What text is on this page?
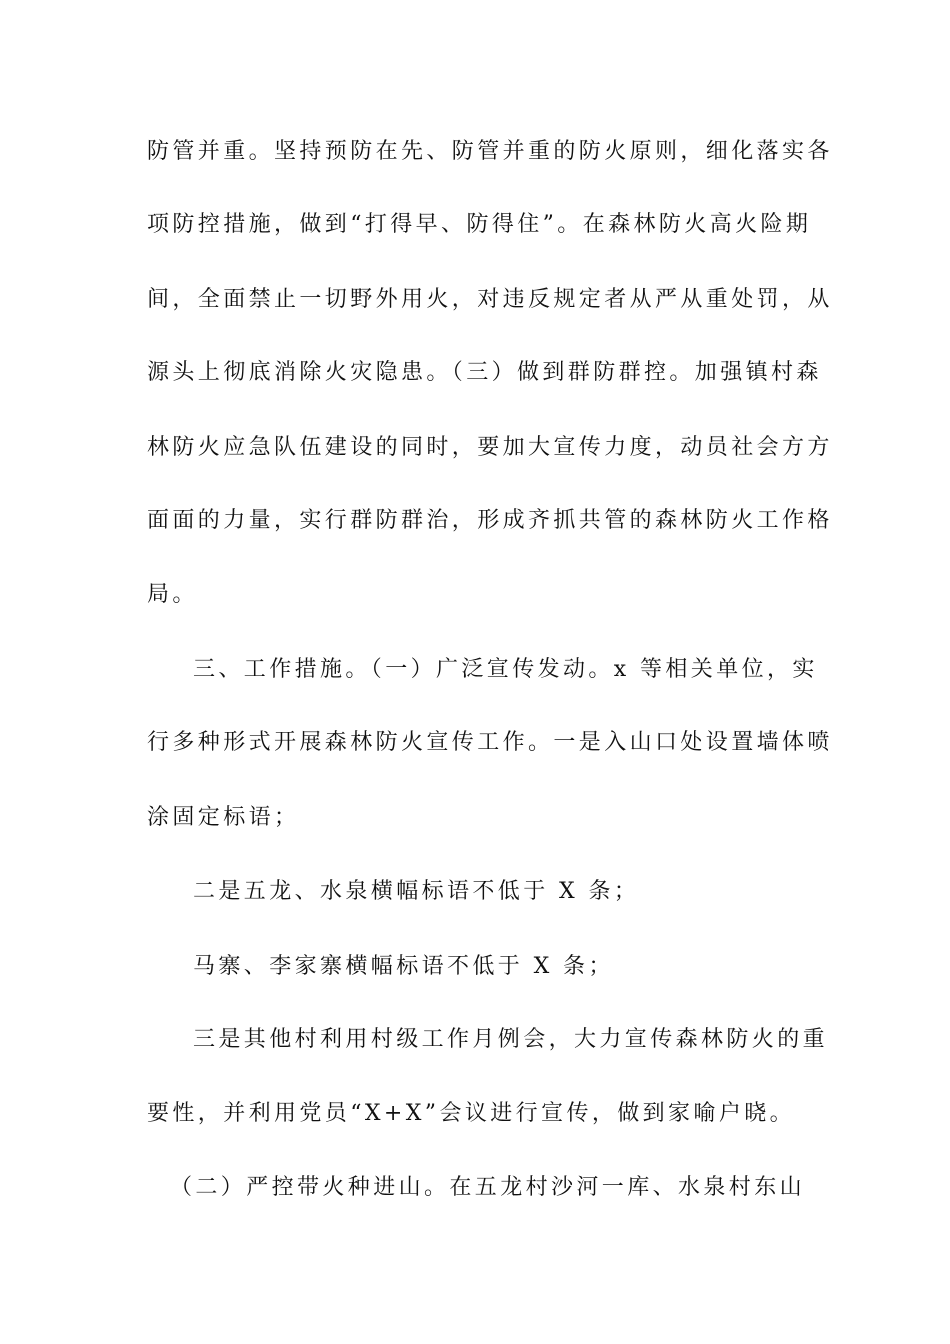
防管并重。坚持预防在先、防管并重的防火原则，细化落实各
项防控措施，做到“打得早、防得住”。在森林防火高火险期
间，全面禁止一切野外用火，对违反规定者从严从重处罚，从
源头上彻底消除火灾隐患。（三）做到群防群控。加强镇村森
林防火应急队伍建设的同时，要加大宣传力度，动员社会方方
面面的力量，实行群防群治，形成齐抓共管的森林防火工作格
局。
三、工作措施。（一）广泛宣传发动。x 等相关单位，实
行多种形式开展森林防火宣传工作。一是入山口处设置墙体喷
涂固定标语；
二是五龙、水泉横幅标语不低于 X 条；
马寨、李家寨横幅标语不低于 X 条；
三是其他村利用村级工作月例会，大力宣传森林防火的重
要性，并利用党员“X+X”会议进行宣传，做到家喻户晓。
（二）严控带火种进山。在五龙村沙河一库、水泉村东山
